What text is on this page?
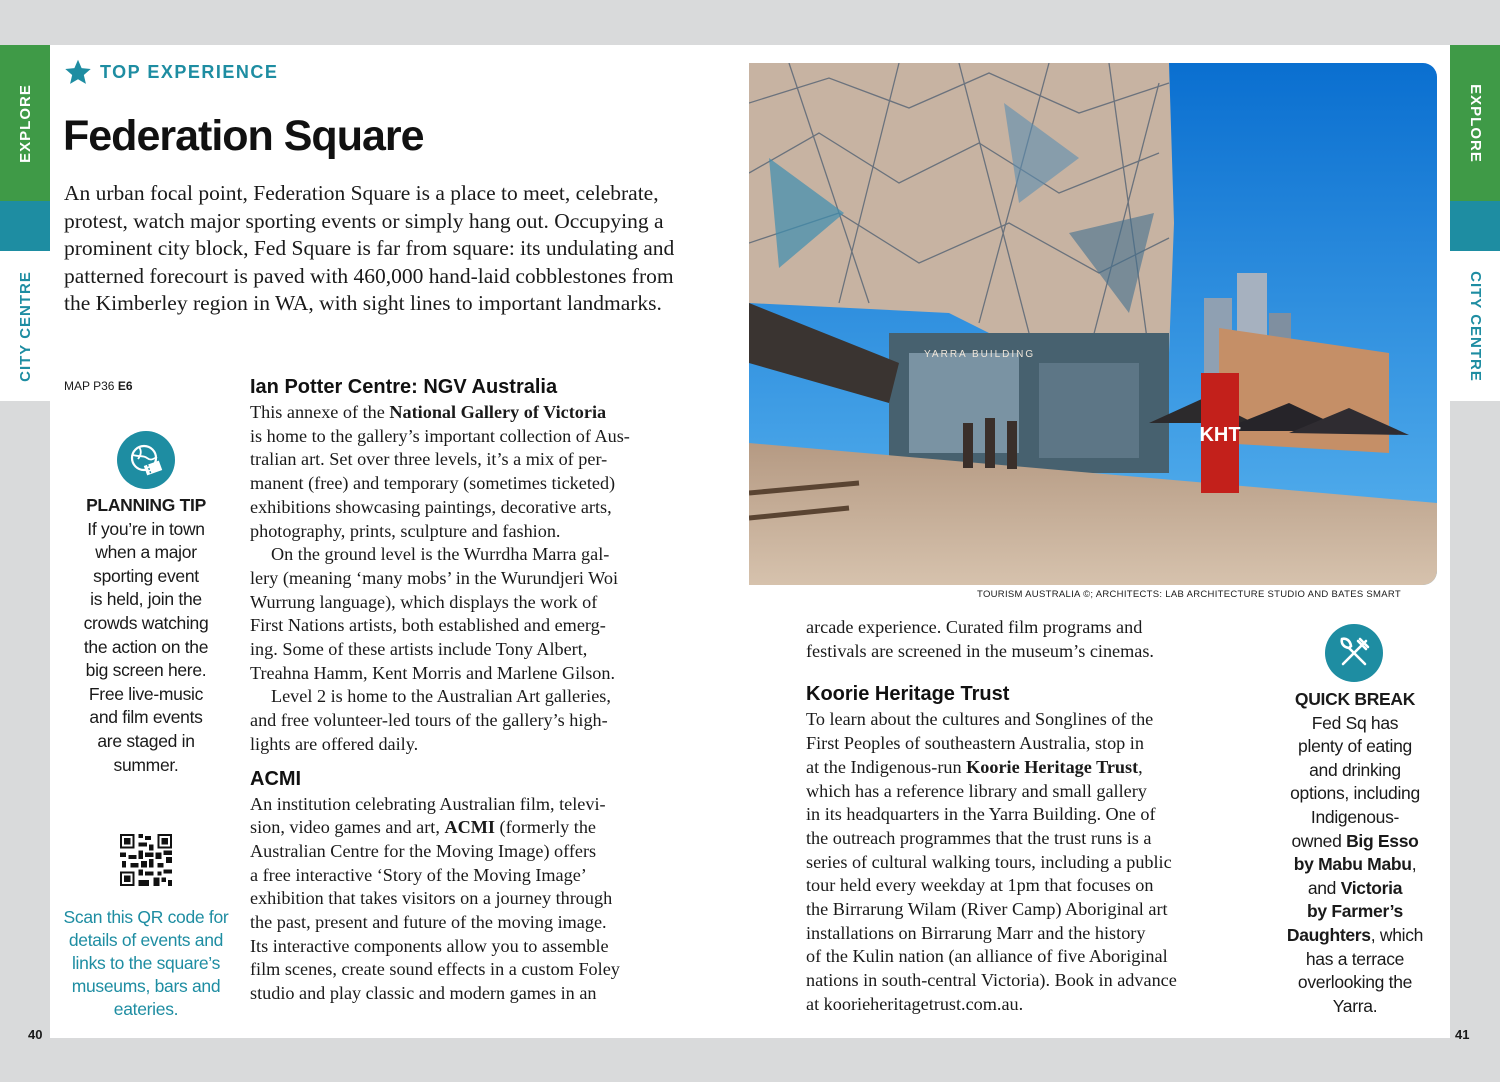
EXPLORE
CITY CENTRE
EXPLORE
CITY CENTRE
40	41
TOP EXPERIENCE
Federation Square

An urban focal point, Federation Square is a place to meet, celebrate, protest, watch major sporting events or simply hang out. Occupying a prominent city block, Fed Square is far from square: its undulating and patterned forecourt is paved with 460,000 hand-laid cobblestones from the Kimberley region in WA, with sight lines to important landmarks.

MAP P36 E6
PLANNING TIP
If you’re in town
when a major
sporting event
is held, join the
crowds watching
the action on the
big screen here.
Free live-music
and film events
are staged in
summer.
Scan this QR code for
details of events and
links to the square’s
museums, bars and
eateries.
Ian Potter Centre: NGV Australia

This annexe of the National Gallery of Victoria
is home to the gallery’s important collection of Aus-
tralian art. Set over three levels, it’s a mix of per-
manent (free) and temporary (sometimes ticketed)
exhibitions showcasing paintings, decorative arts,
photography, prints, sculpture and fashion.

On the ground level is the Wurrdha Marra gal-
lery (meaning ‘many mobs’ in the Wurundjeri Woi
Wurrung language), which displays the work of
First Nations artists, both established and emerg-
ing. Some of these artists include Tony Albert,
Treahna Hamm, Kent Morris and Marlene Gilson.

Level 2 is home to the Australian Art galleries,
and free volunteer-led tours of the gallery’s high-
lights are offered daily.

ACMI

An institution celebrating Australian film, televi-
sion, video games and art, ACMI (formerly the
Australian Centre for the Moving Image) offers
a free interactive ‘Story of the Moving Image’
exhibition that takes visitors on a journey through
the past, present and future of the moving image.
Its interactive components allow you to assemble
film scenes, create sound effects in a custom Foley
studio and play classic and modern games in an

YARRA BUILDING
KHT
TOURISM AUSTRALIA ©; ARCHITECTS: LAB ARCHITECTURE STUDIO AND BATES SMART

arcade experience. Curated film programs and
festivals are screened in the museum’s cinemas.

Koorie Heritage Trust

To learn about the cultures and Songlines of the
First Peoples of southeastern Australia, stop in
at the Indigenous-run Koorie Heritage Trust,
which has a reference library and small gallery
in its headquarters in the Yarra Building. One of
the outreach programmes that the trust runs is a
series of cultural walking tours, including a public
tour held every weekday at 1pm that focuses on
the Birrarung Wilam (River Camp) Aboriginal art
installations on Birrarung Marr and the history
of the Kulin nation (an alliance of five Aboriginal
nations in south-central Victoria). Book in advance
at koorieheritagetrust.com.au.

QUICK BREAK
Fed Sq has
plenty of eating
and drinking
options, including
Indigenous-
owned Big Esso
by Mabu Mabu,
and Victoria
by Farmer’s
Daughters, which
has a terrace
overlooking the
Yarra.
